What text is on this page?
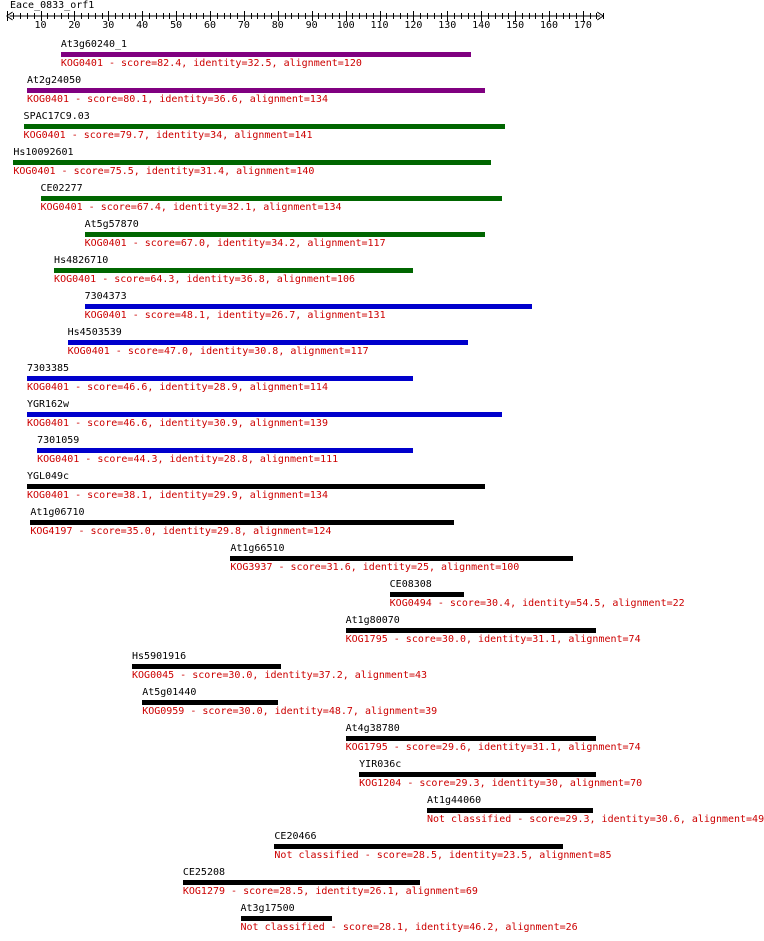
Eace_0833_orf1
10 20 30 40 50 60 70 80 90 100 110 120 130 140 150 160 170
At3g60240_1
KOG0401 - score=82.4, identity=32.5, alignment=120
At2g24050
KOG0401 - score=80.1, identity=36.6, alignment=134
SPAC17C9.03
KOG0401 - score=79.7, identity=34, alignment=141
Hs10092601
KOG0401 - score=75.5, identity=31.4, alignment=140
CE02277
KOG0401 - score=67.4, identity=32.1, alignment=134
At5g57870
KOG0401 - score=67.0, identity=34.2, alignment=117
Hs4826710
KOG0401 - score=64.3, identity=36.8, alignment=106
7304373
KOG0401 - score=48.1, identity=26.7, alignment=131
Hs4503539
KOG0401 - score=47.0, identity=30.8, alignment=117
7303385
KOG0401 - score=46.6, identity=28.9, alignment=114
YGR162w
KOG0401 - score=46.6, identity=30.9, alignment=139
7301059
KOG0401 - score=44.3, identity=28.8, alignment=111
YGL049c
KOG0401 - score=38.1, identity=29.9, alignment=134
At1g06710
KOG4197 - score=35.0, identity=29.8, alignment=124
At1g66510
KOG3937 - score=31.6, identity=25, alignment=100
CE08308
KOG0494 - score=30.4, identity=54.5, alignment=22
At1g80070
KOG1795 - score=30.0, identity=31.1, alignment=74
Hs5901916
KOG0045 - score=30.0, identity=37.2, alignment=43
At5g01440
KOG0959 - score=30.0, identity=48.7, alignment=39
At4g38780
KOG1795 - score=29.6, identity=31.1, alignment=74
YIR036c
KOG1204 - score=29.3, identity=30, alignment=70
At1g44060
Not classified - score=29.3, identity=30.6, alignment=49
CE20466
Not classified - score=28.5, identity=23.5, alignment=85
CE25208
KOG1279 - score=28.5, identity=26.1, alignment=69
At3g17500
Not classified - score=28.1, identity=46.2, alignment=26
